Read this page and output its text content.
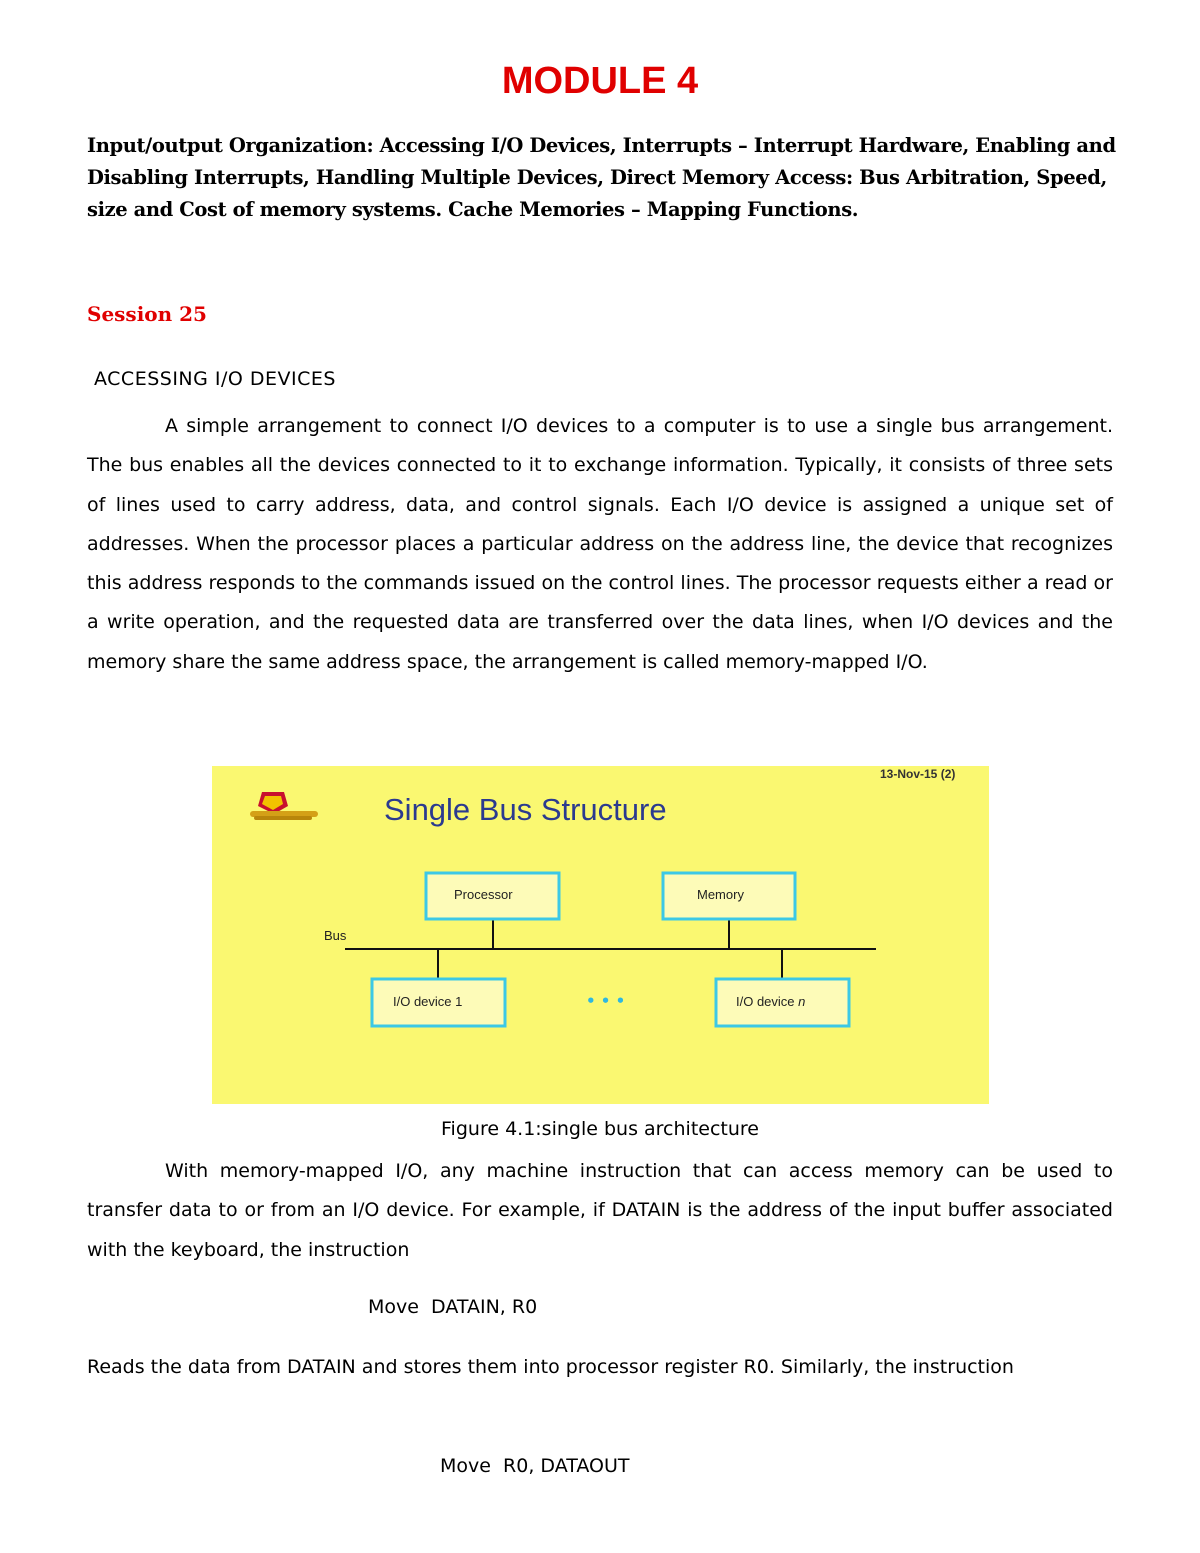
MODULE 4

Input/output Organization: Accessing I/O Devices, Interrupts – Interrupt Hardware, Enabling and Disabling Interrupts, Handling Multiple Devices, Direct Memory Access: Bus Arbitration, Speed, size and Cost of memory systems. Cache Memories – Mapping Functions.

Session 25

ACCESSING I/O DEVICES

A simple arrangement to connect I/O devices to a computer is to use a single bus arrangement. The bus enables all the devices connected to it to exchange information. Typically, it consists of three sets of lines used to carry address, data, and control signals. Each I/O device is assigned a unique set of addresses. When the processor places a particular address on the address line, the device that recognizes this address responds to the commands issued on the control lines. The processor requests either a read or a write operation, and the requested data are transferred over the data lines, when I/O devices and the memory share the same address space, the arrangement is called memory-mapped I/O.

13-Nov-15 (2)
Single Bus Structure
Bus
Processor	Memory
I/O device 1	• • •	I/O device n

Figure 4.1:single bus architecture

With memory-mapped I/O, any machine instruction that can access memory can be used to transfer data to or from an I/O device. For example, if DATAIN is the address of the input buffer associated with the keyboard, the instruction

Move  DATAIN, R0

Reads the data from DATAIN and stores them into processor register R0. Similarly, the instruction

Move  R0, DATAOUT
